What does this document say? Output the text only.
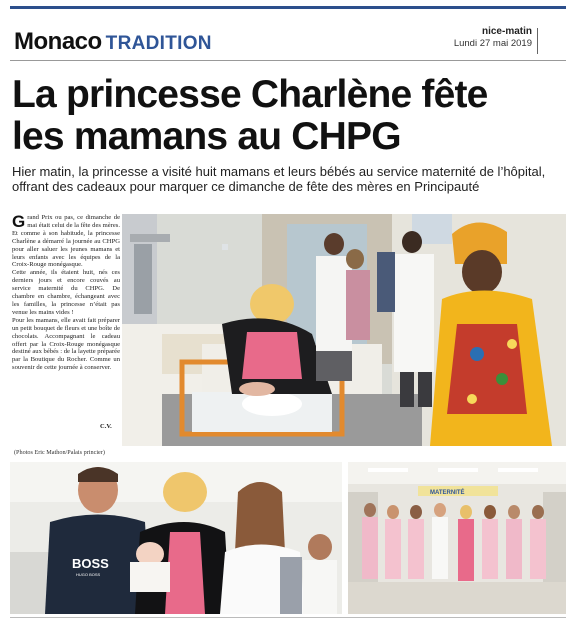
Monaco TRADITION
nice-matin
Lundi 27 mai 2019
La princesse Charlène fête
les mamans au CHPG
Hier matin, la princesse a visité huit mamans et leurs bébés au service maternité de l’hôpital, offrant des cadeaux pour marquer ce dimanche de fête des mères en Principauté
G rand Prix ou pas, ce dimanche de mai était celui de la fête des mères. Et comme à son habitude, la princesse Charlène a démarré la journée au CHPG pour aller saluer les jeunes mamans et leurs enfants avec les équipes de la Croix-Rouge monégasque.

Cette année, ils étaient huit, nés ces derniers jours et encore couvés au service maternité du CHPG. De chambre en chambre, échangeant avec les familles, la princesse n’était pas venue les mains vides !

Pour les mamans, elle avait fait préparer un petit bouquet de fleurs et une boîte de chocolats. Accompagnant le cadeau offert par la Croix-Rouge monégasque destiné aux bébés : de la layette préparée par la Boutique du Rocher. Comme un souvenir de cette journée à conserver.

C.V.
(Photos Eric Mathon/Palais princier)
BOSS
HUGO BOSS
MATERNITÉ
